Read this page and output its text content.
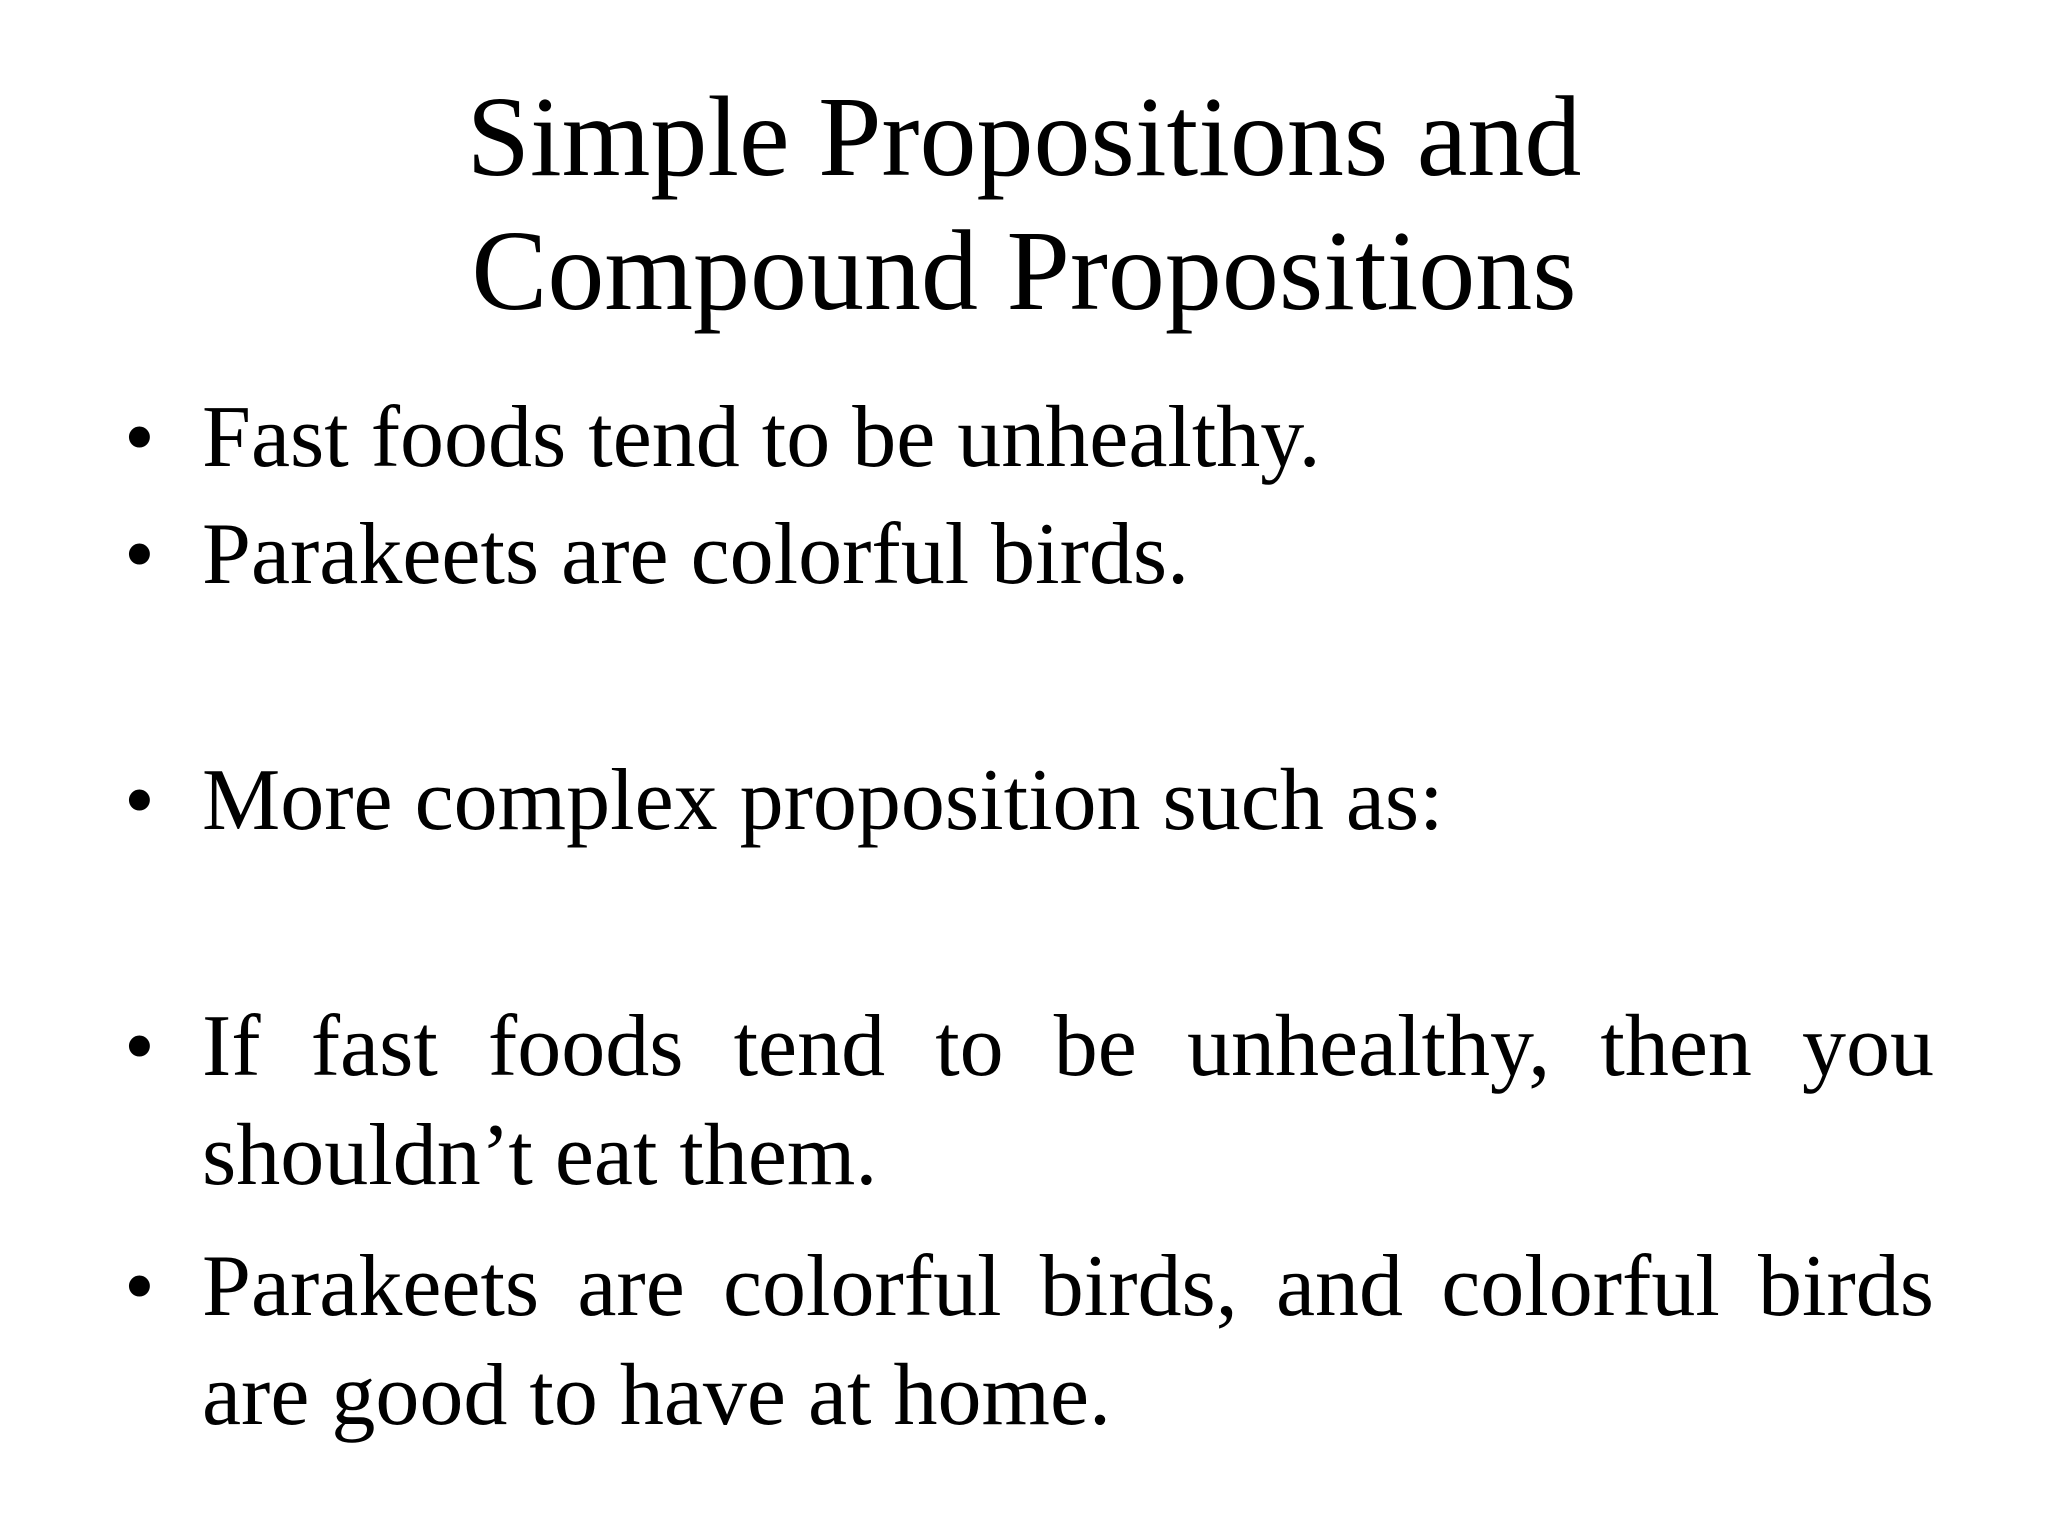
Simple Propositions and
Compound Propositions
• Fast foods tend to be unhealthy.
• Parakeets are colorful birds.
• More complex proposition such as:
• If fast foods tend to be unhealthy, then you shouldn’t eat them.
• Parakeets are colorful birds, and colorful birds are good to have at home.
